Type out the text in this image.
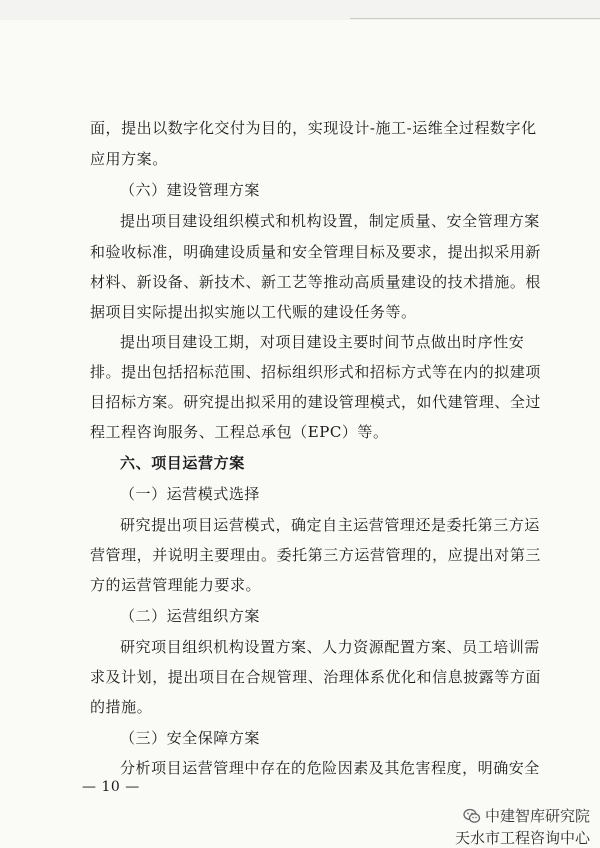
面，提出以数字化交付为目的，实现设计-施工-运维全过程数字化
应用方案。
（六）建设管理方案
提出项目建设组织模式和机构设置，制定质量、安全管理方案
和验收标准，明确建设质量和安全管理目标及要求，提出拟采用新
材料、新设备、新技术、新工艺等推动高质量建设的技术措施。根
据项目实际提出拟实施以工代赈的建设任务等。
提出项目建设工期，对项目建设主要时间节点做出时序性安
排。提出包括招标范围、招标组织形式和招标方式等在内的拟建项
目招标方案。研究提出拟采用的建设管理模式，如代建管理、全过
程工程咨询服务、工程总承包（EPC）等。
六、项目运营方案
（一）运营模式选择
研究提出项目运营模式，确定自主运营管理还是委托第三方运
营管理，并说明主要理由。委托第三方运营管理的，应提出对第三
方的运营管理能力要求。
（二）运营组织方案
研究项目组织机构设置方案、人力资源配置方案、员工培训需
求及计划，提出项目在合规管理、治理体系优化和信息披露等方面
的措施。
（三）安全保障方案
分析项目运营管理中存在的危险因素及其危害程度，明确安全
— 10 —
中建智库研究院
天水市工程咨询中心
